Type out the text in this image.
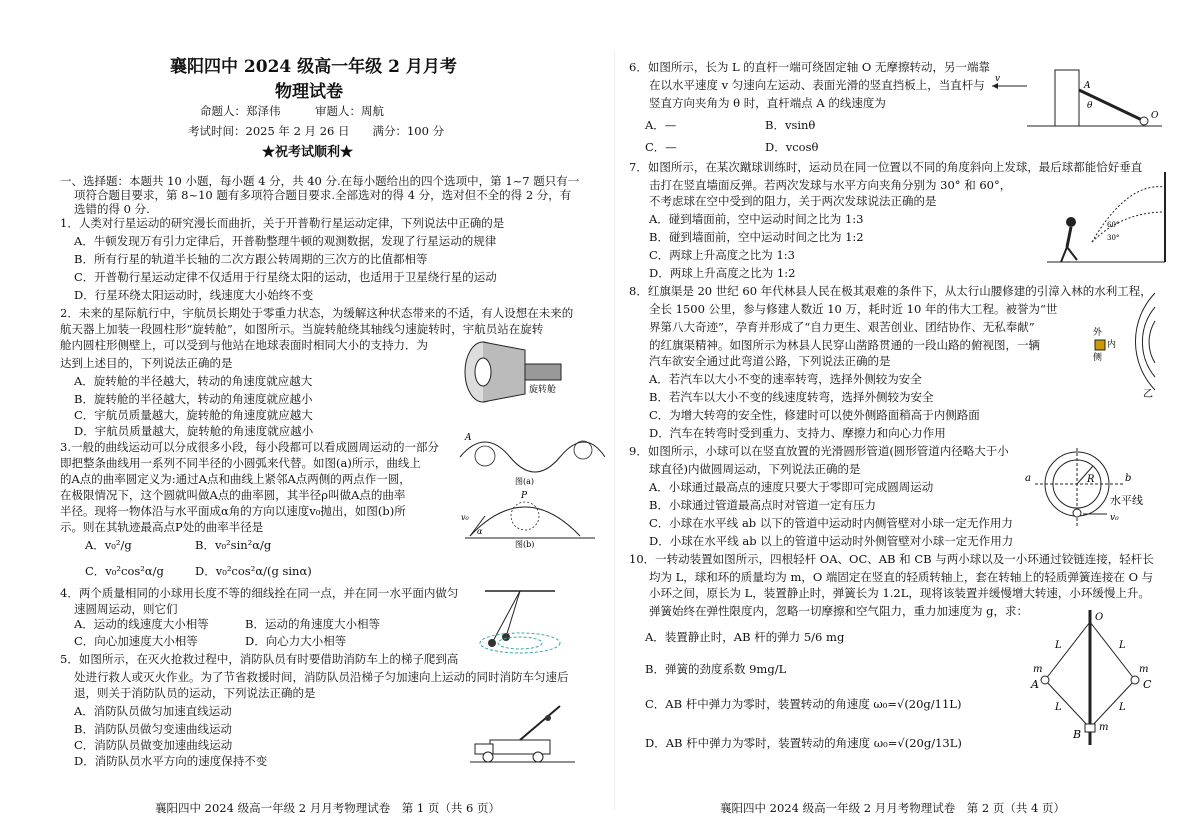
襄阳四中 2024 级高一年级 2 月月考
物理试卷
命题人：郑泽伟　　　审题人：周航
考试时间：2025 年 2 月 26 日　　满分：100 分
★祝考试顺利★
一、选择题：本题共 10 小题，每小题 4 分，共 40 分.在每小题给出的四个选项中，第 1~7 题只有一
项符合题目要求，第 8~10 题有多项符合题目要求.全部选对的得 4 分，选对但不全的得 2 分，有
选错的得 0 分.
1．人类对行星运动的研究漫长而曲折，关于开普勒行星运动定律，下列说法中正确的是
A．牛顿发现万有引力定律后，开普勒整理牛顿的观测数据，发现了行星运动的规律
B．所有行星的轨道半长轴的二次方跟公转周期的三次方的比值都相等
C．开普勒行星运动定律不仅适用于行星绕太阳的运动，也适用于卫星绕行星的运动
D．行星环绕太阳运动时，线速度大小始终不变
2．未来的星际航行中，宇航员长期处于零重力状态，为缓解这种状态带来的不适，有人设想在未来的
航天器上加装一段圆柱形“旋转舱”，如图所示。当旋转舱绕其轴线匀速旋转时，宇航员站在旋转
舱内圆柱形侧壁上，可以受到与他站在地球表面时相同大小的支持力．为
达到上述目的，下列说法正确的是
A．旋转舱的半径越大，转动的角速度就应越大
B．旋转舱的半径越大，转动的角速度就应越小
C．宇航员质量越大，旋转舱的角速度就应越大
D．宇航员质量越大，旋转舱的角速度就应越小
3.一般的曲线运动可以分成很多小段，每小段都可以看成圆周运动的一部分
即把整条曲线用一系列不同半径的小圆弧来代替。如图(a)所示，曲线上
的A点的曲率圆定义为:通过A点和曲线上紧邻A点两侧的两点作一圆，
在极限情况下，这个圆就叫做A点的曲率圆，其半径ρ叫做A点的曲率
半径。现将一物体沿与水平面成α角的方向以速度v₀抛出，如图(b)所
示。则在其轨迹最高点P处的曲率半径是
A．v₀²/g	B．v₀²sin²α/g
C．v₀²cos²α/g	D．v₀²cos²α/(g sinα)
4．两个质量相同的小球用长度不等的细线拴在同一点，并在同一水平面内做匀
速圆周运动，则它们
5．如图所示，在灭火抢救过程中，消防队员有时要借助消防车上的梯子爬到高
处进行救人或灭火作业。为了节省救援时间，消防队员沿梯子匀加速向上运动的同时消防车匀速后
退，则关于消防队员的运动，下列说法正确的是
A．消防队员做匀加速直线运动
B．消防队员做匀变速曲线运动
C．消防队员做变加速曲线运动
D．消防队员水平方向的速度保持不变
A．运动的线速度大小相等	B．运动的角速度大小相等
C．向心加速度大小相等	D．向心力大小相等
旋转舱
A
图(a)
P
v₀
α
图(b)
襄阳四中 2024 级高一年级 2 月月考物理试卷　第 1 页（共 6 页）
6．如图所示，长为 L 的直杆一端可绕固定轴 O 无摩擦转动，另一端靠
在以水平速度 v 匀速向左运动、表面光滑的竖直挡板上，当直杆与
竖直方向夹角为 θ 时，直杆端点 A 的线速度为
7．如图所示，在某次蹴球训练时，运动员在同一位置以不同的角度斜向上发球，最后球都能恰好垂直
击打在竖直墙面反弹。若两次发球与水平方向夹角分别为 30° 和 60°，
不考虑球在空中受到的阻力，关于两次发球说法正确的是
A．碰到墙面前，空中运动时间之比为 1:3
B．碰到墙面前，空中运动时间之比为 1:2
C．两球上升高度之比为 1:3
D．两球上升高度之比为 1:2
8．红旗渠是 20 世纪 60 年代林县人民在极其艰难的条件下，从太行山腰修建的引漳入林的水利工程，
全长 1500 公里，参与修建人数近 10 万，耗时近 10 年的伟大工程。被誉为“世
界第八大奇迹”，孕育并形成了“自力更生、艰苦创业、团结协作、无私奉献”
的红旗渠精神。如图所示为林县人民穿山凿路贯通的一段山路的俯视图，一辆
汽车欲安全通过此弯道公路，下列说法正确的是
A．若汽车以大小不变的速率转弯，选择外侧较为安全
B．若汽车以大小不变的线速度转弯，选择外侧较为安全
C．为增大转弯的安全性，修建时可以使外侧路面稍高于内侧路面
D．汽车在转弯时受到重力、支持力、摩擦力和向心力作用
9．如图所示，小球可以在竖直放置的光滑圆形管道(圆形管道内径略大于小
球直径)内做圆周运动，下列说法正确的是
A．小球通过最高点的速度只要大于零即可完成圆周运动
B．小球通过管道最高点时对管道一定有压力
C．小球在水平线 ab 以下的管道中运动时内侧管壁对小球一定无作用力
D．小球在水平线 ab 以上的管道中运动时外侧管壁对小球一定无作用力
10．一转动装置如图所示，四根轻杆 OA、OC、AB 和 CB 与两小球以及一小环通过铰链连接，轻杆长
均为 L，球和环的质量均为 m，O 端固定在竖直的轻质转轴上，套在转轴上的轻质弹簧连接在 O 与
小环之间，原长为 L，装置静止时，弹簧长为 1.2L，现将该装置并缓慢增大转速，小环缓慢上升。
弹簧始终在弹性限度内，忽略一切摩擦和空气阻力，重力加速度为 g，求：
A．—	B．vsinθ
C．—	D．vcosθ
A．装置静止时，AB 杆的弹力 5/6 mg
B．弹簧的劲度系数 9mg/L
C．AB 杆中弹力为零时，装置转动的角速度 ω₀=√(20g/11L)
D．AB 杆中弹力为零时，装置转动的角速度 ω₀=√(20g/13L)
v
A
θ
O
60°
30°
外
侧
内
乙
a	b
R
水平线
v₀
O
L	L
L	L
m	m
A	C
B
m
襄阳四中 2024 级高一年级 2 月月考物理试卷　第 2 页（共 4 页）
